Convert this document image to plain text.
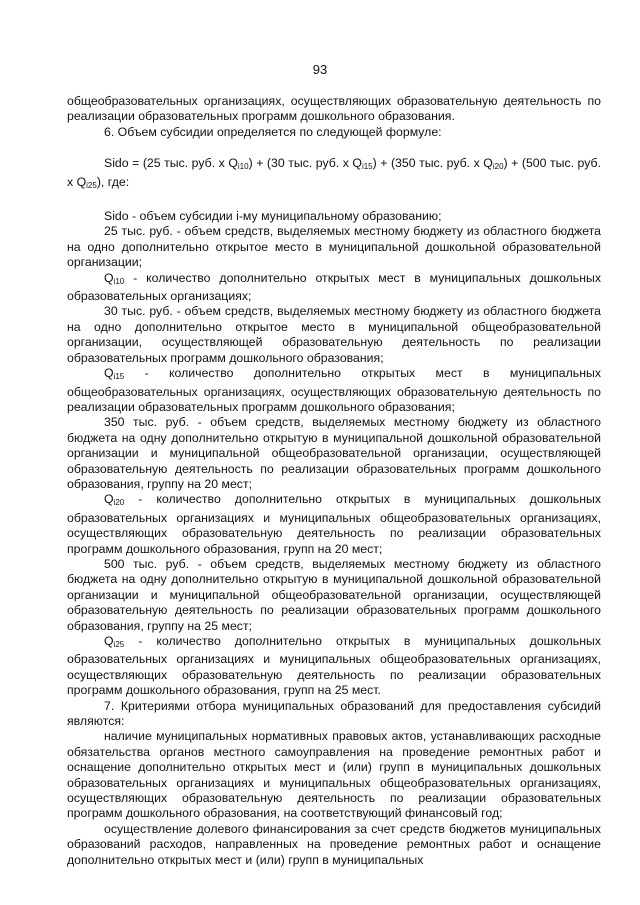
93

общеобразовательных организациях, осуществляющих образовательную деятельность по реализации образовательных программ дошкольного образования.

6. Объем субсидии определяется по следующей формуле:

Sido = (25 тыс. руб. х $Q_{i10}) + (30$ тыс. руб. х $Q_{i15}) + (350$ тыс. руб. х $Q_{i20}) + (500$ тыс. руб. х $Q_{i25}$), где:

Sido - объем субсидии i-му муниципальному образованию;

25 тыс. руб. - объем средств, выделяемых местному бюджету из областного бюджета на одно дополнительно открытое место в муниципальной дошкольной образовательной организации;

$Q_{i10}$ - количество дополнительно открытых мест в муниципальных дошкольных образовательных организациях;

30 тыс. руб. - объем средств, выделяемых местному бюджету из областного бюджета на одно дополнительно открытое место в муниципальной общеобразовательной организации, осуществляющей образовательную деятельность по реализации образовательных программ дошкольного образования;

$Q_{i15}$ - количество дополнительно открытых мест в муниципальных общеобразовательных организациях, осуществляющих образовательную деятельность по реализации образовательных программ дошкольного образования;

350 тыс. руб. - объем средств, выделяемых местному бюджету из областного бюджета на одну дополнительно открытую в муниципальной дошкольной образовательной организации и муниципальной общеобразовательной организации, осуществляющей образовательную деятельность по реализации образовательных программ дошкольного образования, группу на 20 мест;

$Q_{i20}$ - количество дополнительно открытых в муниципальных дошкольных образовательных организациях и муниципальных общеобразовательных организациях, осуществляющих образовательную деятельность по реализации образовательных программ дошкольного образования, групп на 20 мест;

500 тыс. руб. - объем средств, выделяемых местному бюджету из областного бюджета на одну дополнительно открытую в муниципальной дошкольной образовательной организации и муниципальной общеобразовательной организации, осуществляющей образовательную деятельность по реализации образовательных программ дошкольного образования, группу на 25 мест;

$Q_{i25}$ - количество дополнительно открытых в муниципальных дошкольных образовательных организациях и муниципальных общеобразовательных организациях, осуществляющих образовательную деятельность по реализации образовательных программ дошкольного образования, групп на 25 мест.

7. Критериями отбора муниципальных образований для предоставления субсидий являются:

наличие муниципальных нормативных правовых актов, устанавливающих расходные обязательства органов местного самоуправления на проведение ремонтных работ и оснащение дополнительно открытых мест и (или) групп в муниципальных дошкольных образовательных организациях и муниципальных общеобразовательных организациях, осуществляющих образовательную деятельность по реализации образовательных программ дошкольного образования, на соответствующий финансовый год;

осуществление долевого финансирования за счет средств бюджетов муниципальных образований расходов, направленных на проведение ремонтных работ и оснащение дополнительно открытых мест и (или) групп в муниципальных
